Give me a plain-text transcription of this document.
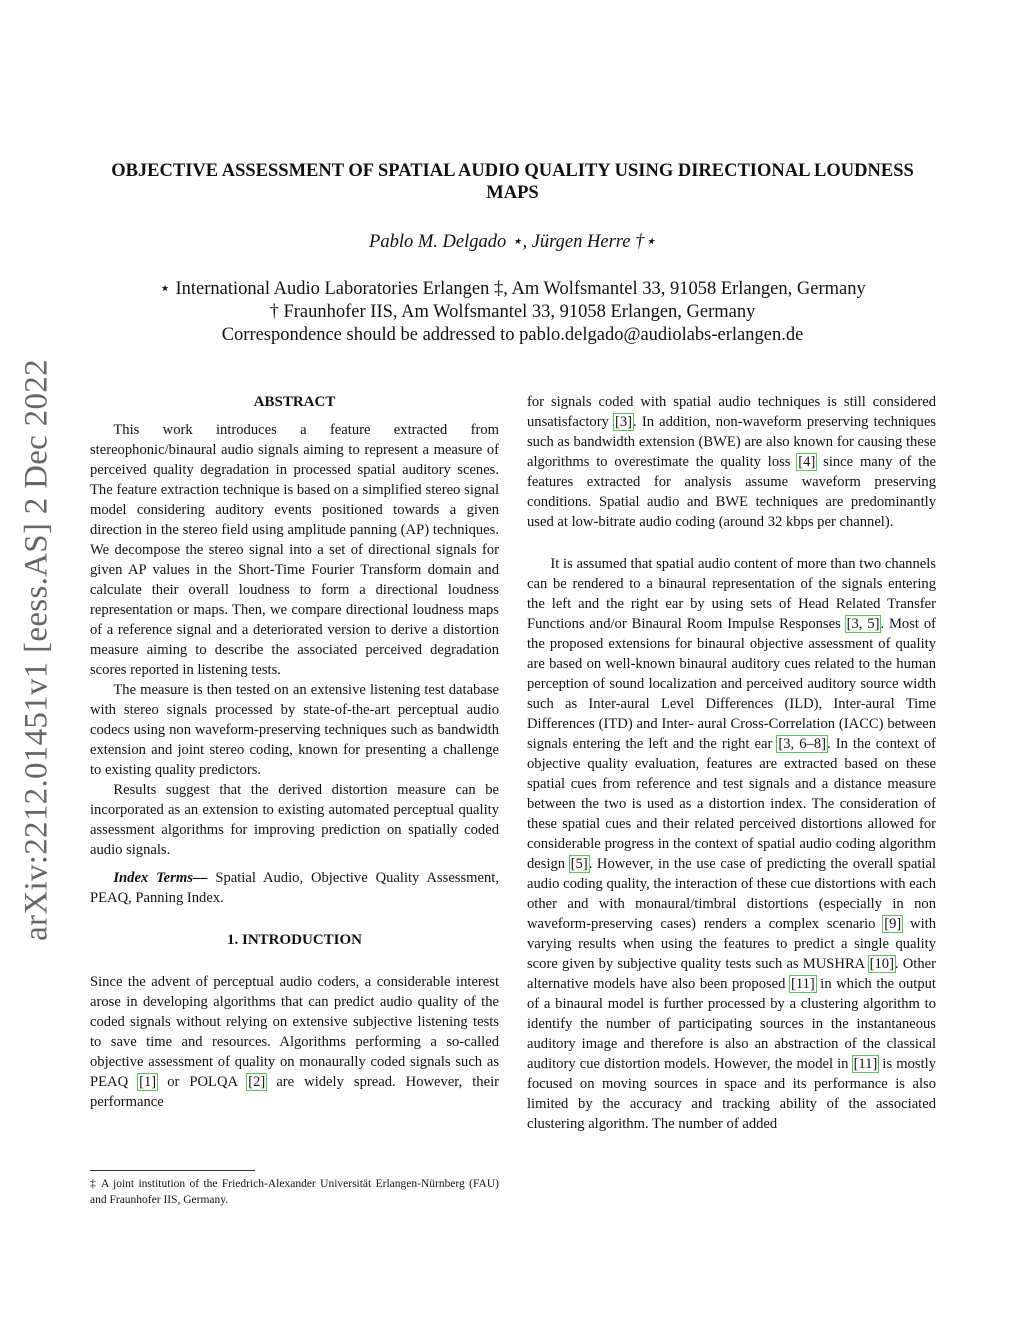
arXiv:2212.01451v1 [eess.AS] 2 Dec 2022
OBJECTIVE ASSESSMENT OF SPATIAL AUDIO QUALITY USING DIRECTIONAL LOUDNESS MAPS
Pablo M. Delgado ⋆, Jürgen Herre †⋆
⋆ International Audio Laboratories Erlangen ‡, Am Wolfsmantel 33, 91058 Erlangen, Germany
† Fraunhofer IIS, Am Wolfsmantel 33, 91058 Erlangen, Germany
Correspondence should be addressed to pablo.delgado@audiolabs-erlangen.de

ABSTRACT

This work introduces a feature extracted from stereophonic/binaural audio signals aiming to represent a measure of perceived quality degradation in processed spatial auditory scenes. The feature extraction technique is based on a simplified stereo signal model considering auditory events positioned towards a given direction in the stereo field using amplitude panning (AP) techniques. We decompose the stereo signal into a set of directional signals for given AP values in the Short-Time Fourier Transform domain and calculate their overall loudness to form a directional loudness representation or maps. Then, we compare directional loudness maps of a reference signal and a deteriorated version to derive a distortion measure aiming to describe the associated perceived degradation scores reported in listening tests.

The measure is then tested on an extensive listening test database with stereo signals processed by state-of-the-art perceptual audio codecs using non waveform-preserving techniques such as bandwidth extension and joint stereo coding, known for presenting a challenge to existing quality predictors.

Results suggest that the derived distortion measure can be incorporated as an extension to existing automated perceptual quality assessment algorithms for improving prediction on spatially coded audio signals.

Index Terms— Spatial Audio, Objective Quality Assessment, PEAQ, Panning Index.

1. INTRODUCTION

Since the advent of perceptual audio coders, a considerable interest arose in developing algorithms that can predict audio quality of the coded signals without relying on extensive subjective listening tests to save time and resources. Algorithms performing a so-called objective assessment of quality on monaurally coded signals such as PEAQ [1] or POLQA [2] are widely spread. However, their performance

‡ A joint institution of the Friedrich-Alexander Universität Erlangen-Nürnberg (FAU) and Fraunhofer IIS, Germany.

for signals coded with spatial audio techniques is still considered unsatisfactory [3]. In addition, non-waveform preserving techniques such as bandwidth extension (BWE) are also known for causing these algorithms to overestimate the quality loss [4] since many of the features extracted for analysis assume waveform preserving conditions. Spatial audio and BWE techniques are predominantly used at low-bitrate audio coding (around 32 kbps per channel).

It is assumed that spatial audio content of more than two channels can be rendered to a binaural representation of the signals entering the left and the right ear by using sets of Head Related Transfer Functions and/or Binaural Room Impulse Responses [3, 5]. Most of the proposed extensions for binaural objective assessment of quality are based on well-known binaural auditory cues related to the human perception of sound localization and perceived auditory source width such as Inter-aural Level Differences (ILD), Inter-aural Time Differences (ITD) and Inter- aural Cross-Correlation (IACC) between signals entering the left and the right ear [3, 6–8]. In the context of objective quality evaluation, features are extracted based on these spatial cues from reference and test signals and a distance measure between the two is used as a distortion index. The consideration of these spatial cues and their related perceived distortions allowed for considerable progress in the context of spatial audio coding algorithm design [5]. However, in the use case of predicting the overall spatial audio coding quality, the interaction of these cue distortions with each other and with monaural/timbral distortions (especially in non waveform-preserving cases) renders a complex scenario [9] with varying results when using the features to predict a single quality score given by subjective quality tests such as MUSHRA [10]. Other alternative models have also been proposed [11] in which the output of a binaural model is further processed by a clustering algorithm to identify the number of participating sources in the instantaneous auditory image and therefore is also an abstraction of the classical auditory cue distortion models. However, the model in [11] is mostly focused on moving sources in space and its performance is also limited by the accuracy and tracking ability of the associated clustering algorithm. The number of added
